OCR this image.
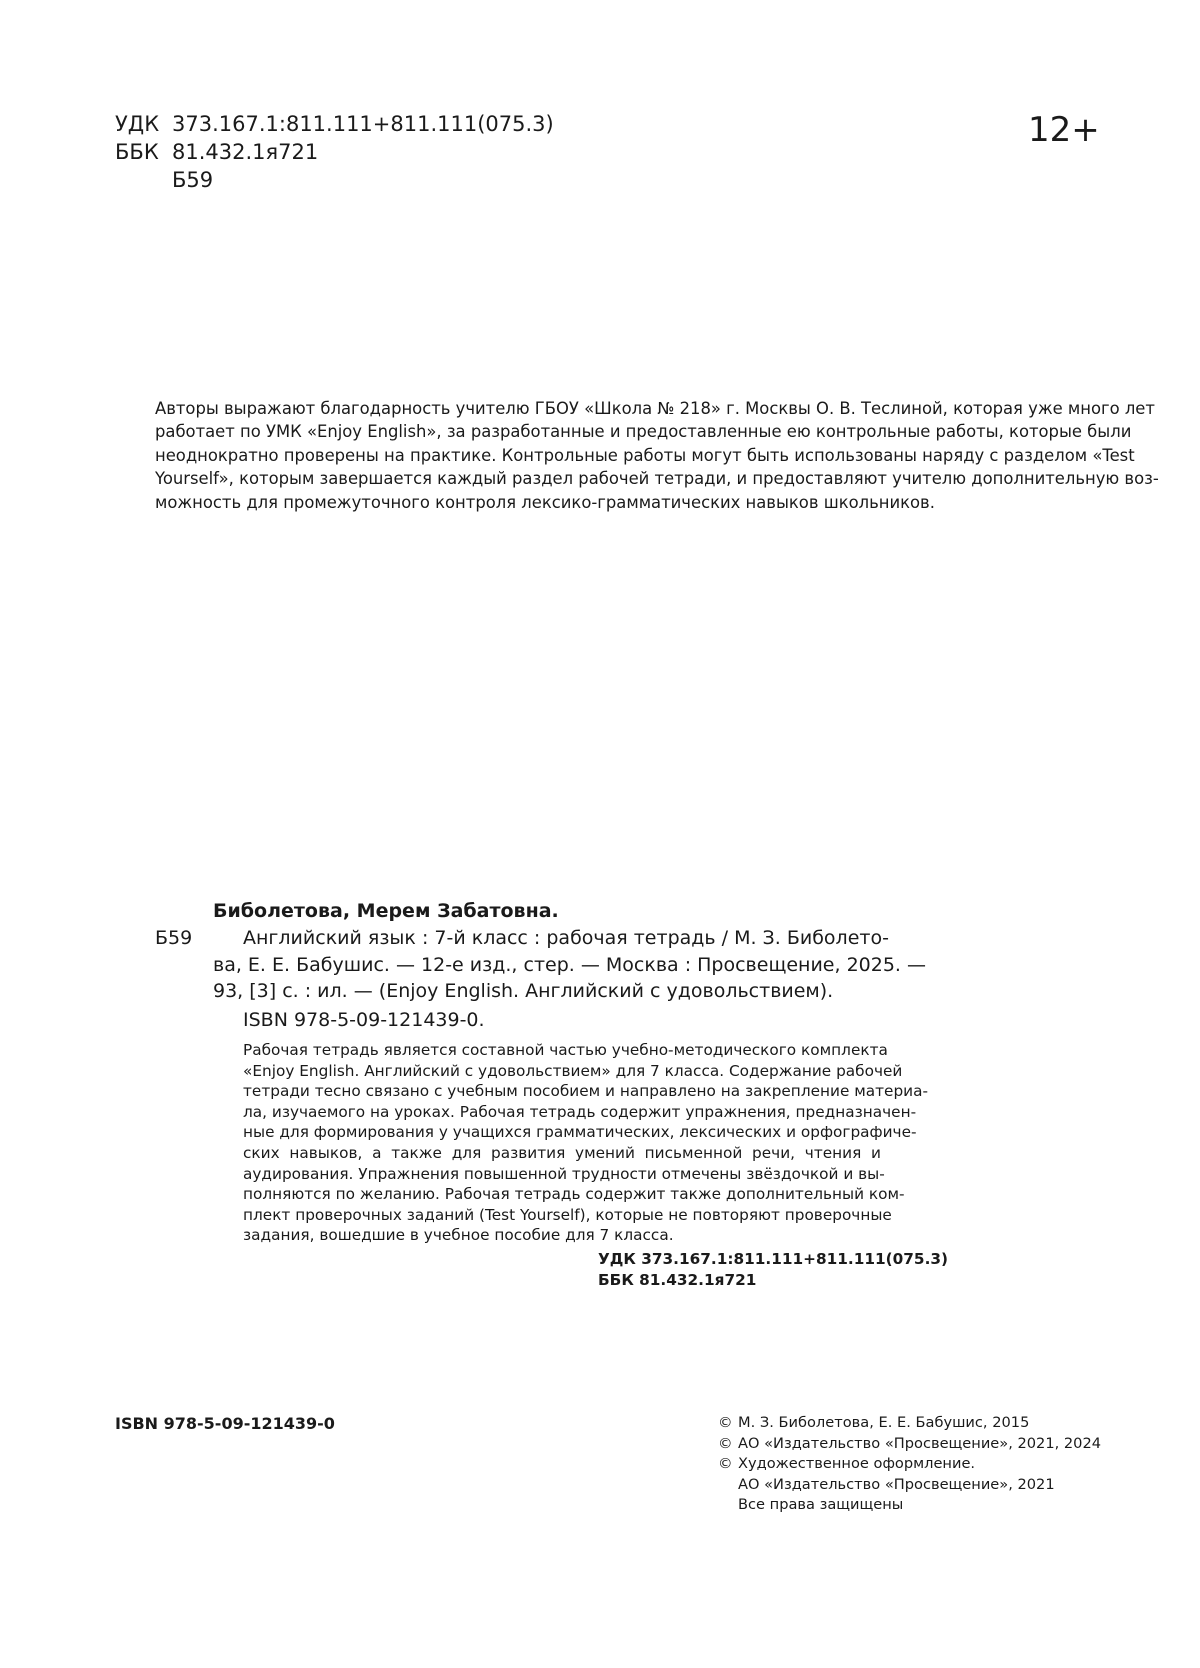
УДК 373.167.1:811.111+811.111(075.3)
ББК 81.432.1я721
Б59
12+
Авторы выражают благодарность учителю ГБОУ «Школа № 218» г. Москвы О. В. Теслиной, которая уже много лет
работает по УМК «Enjoy English», за разработанные и предоставленные ею контрольные работы, которые были
неоднократно проверены на практике. Контрольные работы могут быть использованы наряду с разделом «Test
Yourself», которым завершается каждый раздел рабочей тетради, и предоставляют учителю дополнительную воз-
можность для промежуточного контроля лексико-грамматических навыков школьников.
Биболетова, Мерем Забатовна.
Б59	Английский язык : 7-й класс : рабочая тетрадь / М. З. Биболето-
ва, Е. Е. Бабушис. — 12-е изд., стер. — Москва : Просвещение, 2025. —
93, [3] с. : ил. — (Enjoy English. Английский с удовольствием).
ISBN 978-5-09-121439-0.
Рабочая тетрадь является составной частью учебно-методического комплекта
«Enjoy English. Английский с удовольствием» для 7 класса. Содержание рабочей
тетради тесно связано с учебным пособием и направлено на закрепление материа-
ла, изучаемого на уроках. Рабочая тетрадь содержит упражнения, предназначен-
ные для формирования у учащихся грамматических, лексических и орфографиче-
ских навыков, а также для развития умений письменной речи, чтения и
аудирования. Упражнения повышенной трудности отмечены звёздочкой и вы-
полняются по желанию. Рабочая тетрадь содержит также дополнительный ком-
плект проверочных заданий (Test Yourself), которые не повторяют проверочные
задания, вошедшие в учебное пособие для 7 класса.
УДК 373.167.1:811.111+811.111(075.3)
ББК 81.432.1я721
ISBN 978-5-09-121439-0	© М. З. Биболетова, Е. Е. Бабушис, 2015
© АО «Издательство «Просвещение», 2021, 2024
© Художественное оформление.
АО «Издательство «Просвещение», 2021
Все права защищены
